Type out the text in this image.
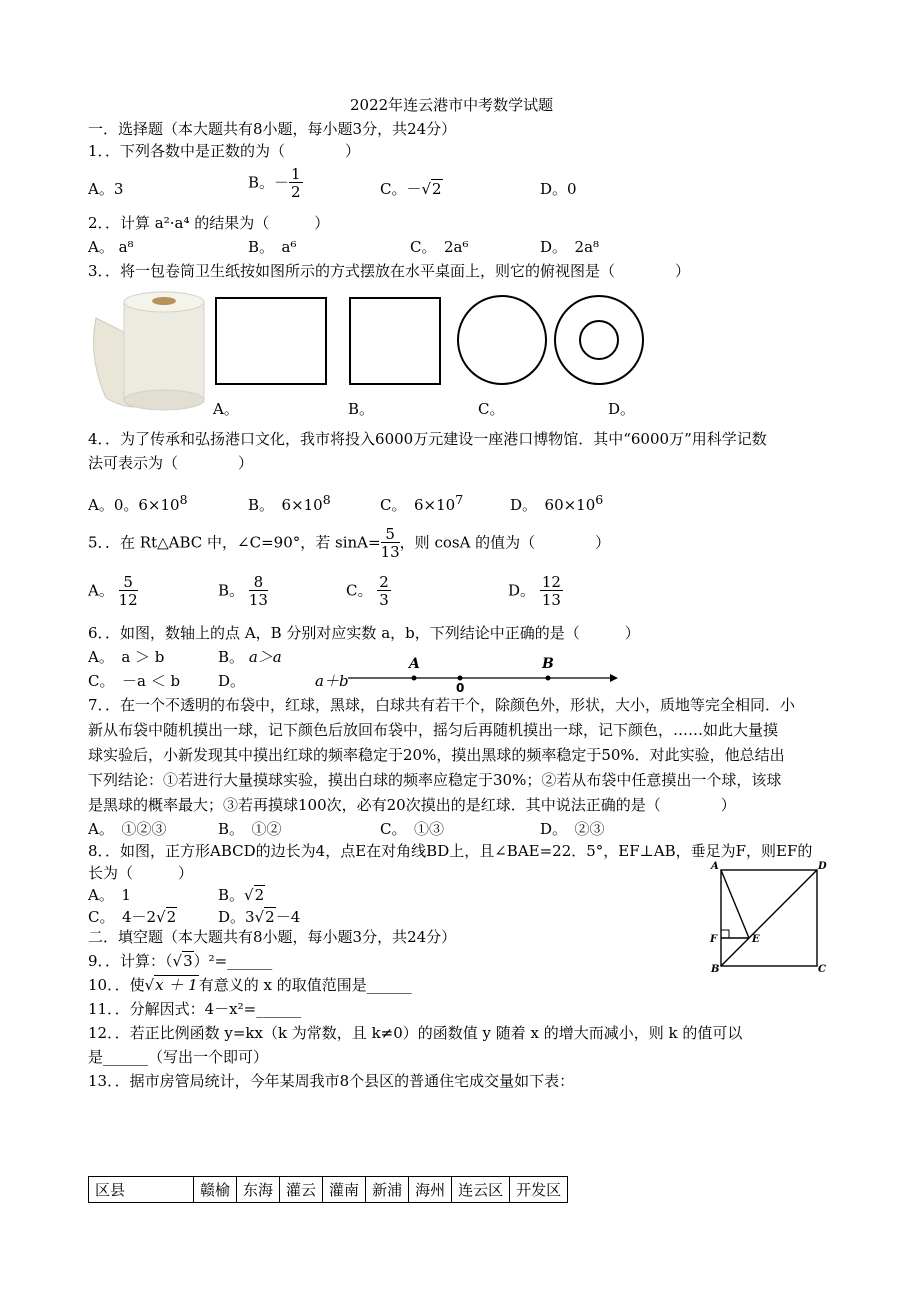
2022年连云港市中考数学试题
一．选择题（本大题共有8小题，每小题3分，共24分）
1．．下列各数中是正数的为（　　　　）
A。3	B。－ $\frac{1}{2}$	C。－√2	D。0
2．．计算 a²·a⁴ 的结果为（　　　）
A。 a⁸	B。　a⁶	C。　2a⁶	D。　2a⁸
3．．将一包卷筒卫生纸按如图所示的方式摆放在水平桌面上，则它的俯视图是（　　　　）
A。	B。	C。	D。
4．．为了传承和弘扬港口文化，我市将投入6000万元建设一座港口博物馆．其中“6000万”用科学记数
法可表示为（　　　　）
A。0。$6\times 10^8$	B。　$6\times 10^8$	C。　$6\times 10^7$	D。　$60\times 10^6$
5．．在 Rt△ABC 中，∠C=90°，若 $\sin A= \frac{5}{13}$ ，则 cosA 的值为（　　　　）
A。 $\frac{5}{12}$	B。 $\frac{8}{13}$	C。 $\frac{2}{3}$	D。 $\frac{12}{13}$
6．．如图，数轴上的点 A，B 分别对应实数 a，b，下列结论中正确的是（　　　）
A。　a ＞ b	B。 a＞a
C。　－a ＜ b	D。	a＋b
A
0
B
7．．在一个不透明的布袋中，红球，黑球，白球共有若干个，除颜色外，形状，大小，质地等完全相同．小
新从布袋中随机摸出一球，记下颜色后放回布袋中，摇匀后再随机摸出一球，记下颜色，……如此大量摸
球实验后，小新发现其中摸出红球的频率稳定于20%，摸出黑球的频率稳定于50%．对此实验，他总结出
下列结论：①若进行大量摸球实验，摸出白球的频率应稳定于30%；②若从布袋中任意摸出一个球，该球
是黑球的概率最大；③若再摸球100次，必有20次摸出的是红球．其中说法正确的是（　　　　）
A。　①②③	B。　①②	C。　①③	D。　②③
8．．如图，正方形ABCD的边长为4，点E在对角线BD上，且∠BAE=22．5°，EF⊥AB，垂足为F，则EF的
长为（　　　）
A。　1	B。√2
C。　4－2√2	D。3√2－4
A	D
F	E
B	C
二．填空题（本大题共有8小题，每小题3分，共24分）
9．．计算：（√3）²=______
10．．使√x ＋ 1有意义的 x 的取值范围是______
11．．分解因式：4－x²=______
12．．若正比例函数 y=kx（k 为常数，且 k≠0）的函数值 y 随着 x 的增大而减小，则 k 的值可以
是______（写出一个即可）
13．．据市房管局统计，今年某周我市8个县区的普通住宅成交量如下表：
区县	赣榆	东海	灌云	灌南	新浦	海州	连云区	开发区
